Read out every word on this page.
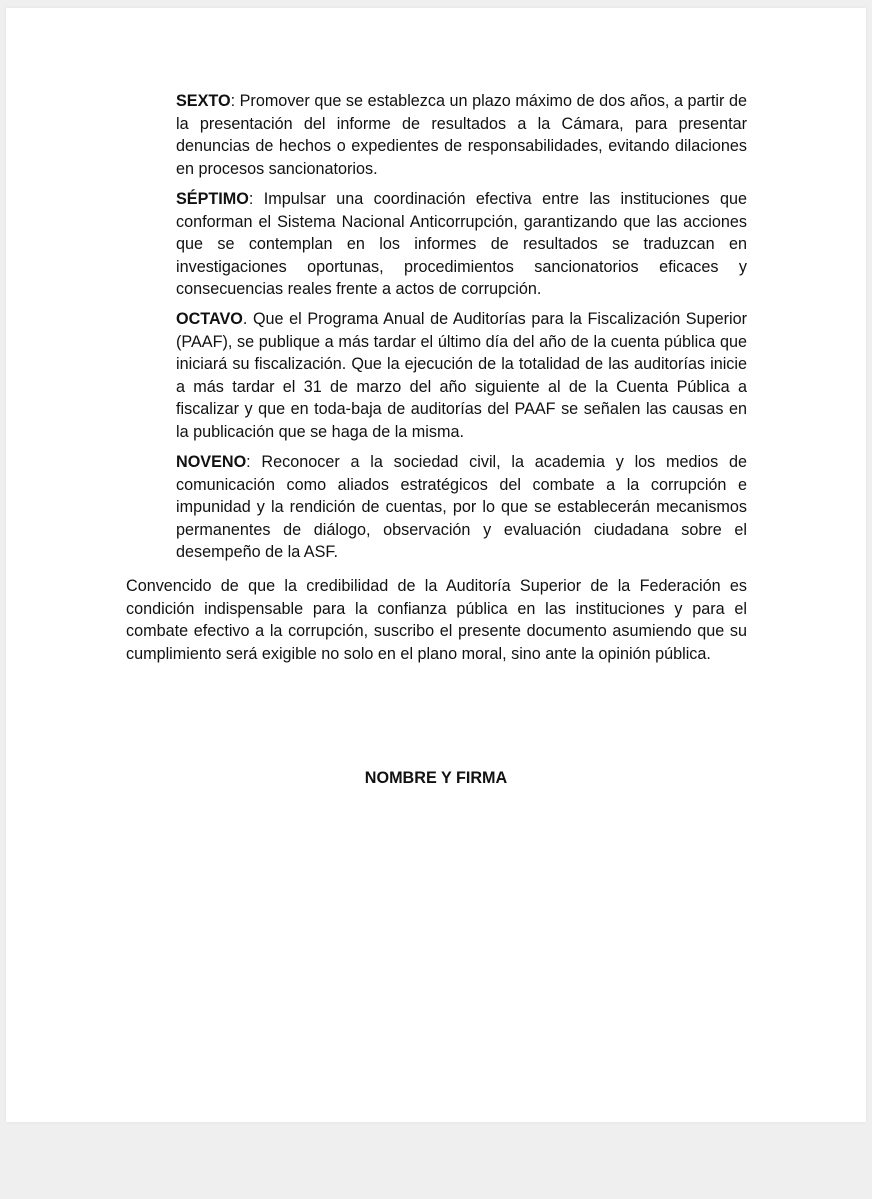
SEXTO: Promover que se establezca un plazo máximo de dos años, a partir de la presentación del informe de resultados a la Cámara, para presentar denuncias de hechos o expedientes de responsabilidades, evitando dilaciones en procesos sancionatorios.

SÉPTIMO: Impulsar una coordinación efectiva entre las instituciones que conforman el Sistema Nacional Anticorrupción, garantizando que las acciones que se contemplan en los informes de resultados se traduzcan en investigaciones oportunas, procedimientos sancionatorios eficaces y consecuencias reales frente a actos de corrupción.

OCTAVO. Que el Programa Anual de Auditorías para la Fiscalización Superior (PAAF), se publique a más tardar el último día del año de la cuenta pública que iniciará su fiscalización. Que la ejecución de la totalidad de las auditorías inicie a más tardar el 31 de marzo del año siguiente al de la Cuenta Pública a fiscalizar y que en toda‐baja de auditorías del PAAF se señalen las causas en la publicación que se haga de la misma.

NOVENO: Reconocer a la sociedad civil, la academia y los medios de comunicación como aliados estratégicos del combate a la corrupción e impunidad y la rendición de cuentas, por lo que se establecerán mecanismos permanentes de diálogo, observación y evaluación ciudadana sobre el desempeño de la ASF.

Convencido de que la credibilidad de la Auditoría Superior de la Federación es condición indispensable para la confianza pública en las instituciones y para el combate efectivo a la corrupción, suscribo el presente documento asumiendo que su cumplimiento será exigible no solo en el plano moral, sino ante la opinión pública.

NOMBRE Y FIRMA
